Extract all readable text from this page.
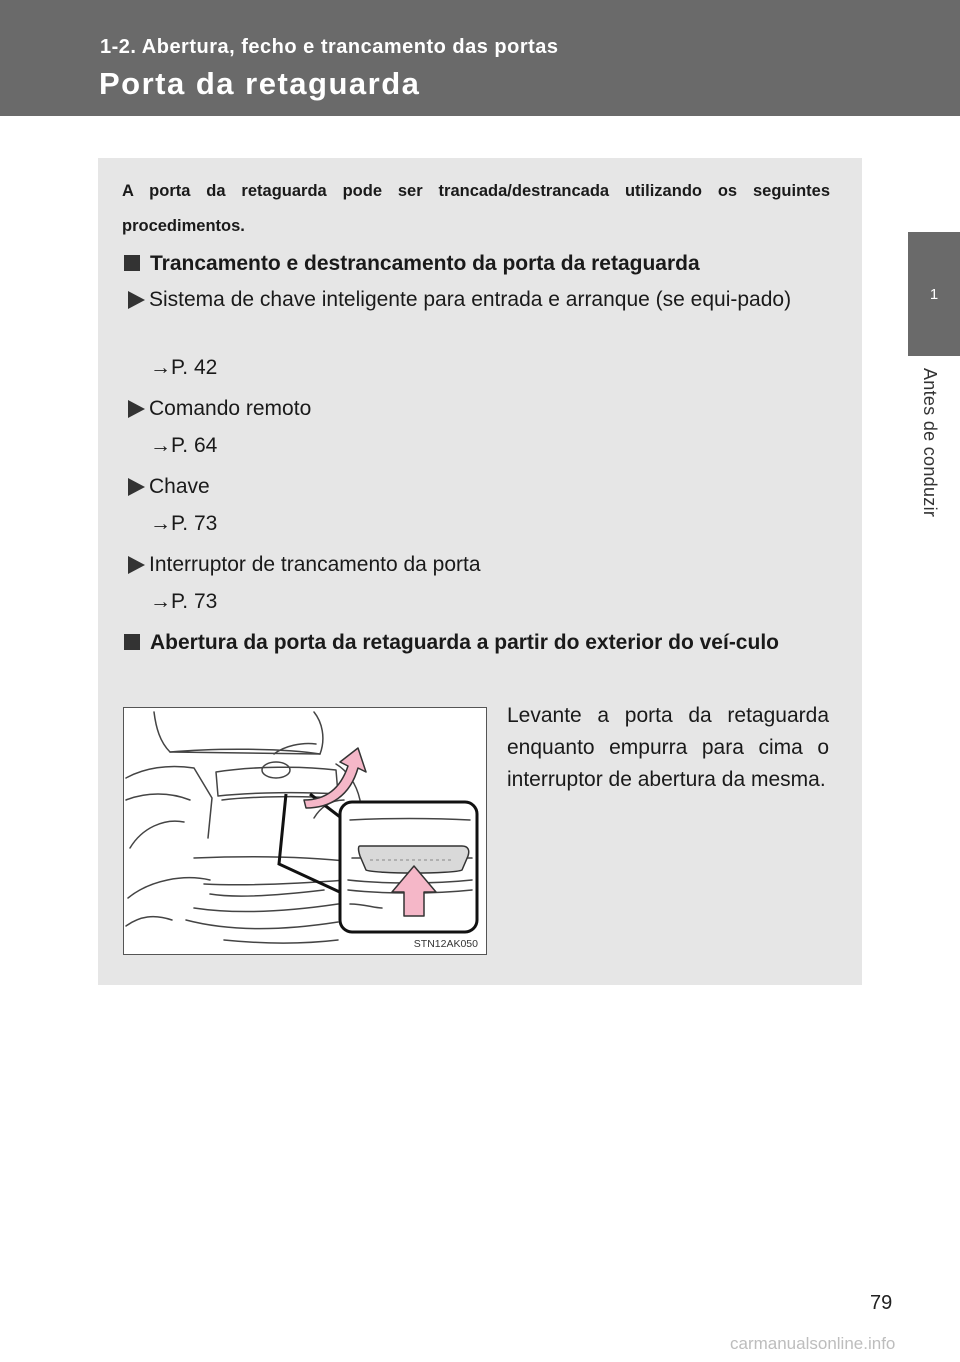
1-2. Abertura, fecho e trancamento das portas
Porta da retaguarda
1
Antes de conduzir
A porta da retaguarda pode ser trancada/destrancada utilizando os seguintes procedimentos.
Trancamento e destrancamento da porta da retaguarda
Sistema de chave inteligente para entrada e arranque (se equi-pado)
→P. 42
Comando remoto
→P. 64
Chave
→P. 73
Interruptor de trancamento da porta
→P. 73
Abertura da porta da retaguarda a partir do exterior do veí-culo
STN12AK050
Levante a porta da retaguarda enquanto empurra para cima o interruptor de abertura da mesma.
79
carmanualsonline.info
